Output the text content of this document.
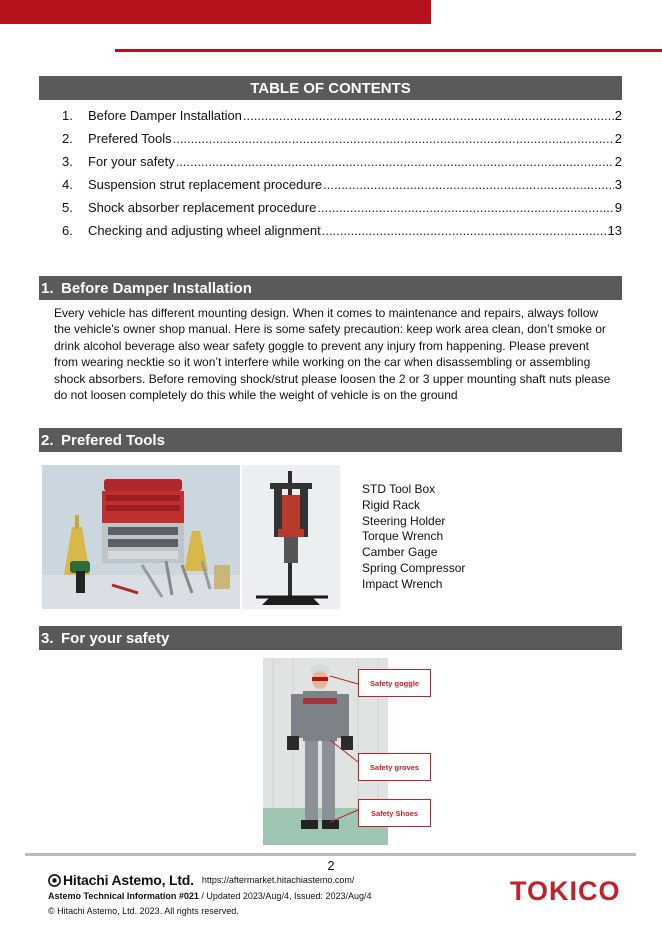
TABLE OF CONTENTS
1.	Before Damper Installation .....	2
2.	Prefered Tools .....	2
3.	For your safety .....	2
4.	Suspension strut replacement procedure .....	3
5.	Shock absorber replacement procedure .....	9
6.	Checking and adjusting wheel alignment .....	13
1. Before Damper Installation

Every vehicle has different mounting design. When it comes to maintenance and repairs, always follow the vehicle's owner shop manual. Here is some safety precaution: keep work area clean, don’t smoke or drink alcohol beverage also wear safety goggle to prevent any injury from happening. Please prevent from wearing necktie so it won’t interfere while working on the car when disassembling or assembling shock absorbers. Before removing shock/strut please loosen the 2 or 3 upper mounting shaft nuts please do not loosen completely do this while the weight of vehicle is on the ground

2. Prefered Tools
STD Tool Box
Rigid Rack
Steering Holder
Torque Wrench
Camber Gage
Spring Compressor
Impact Wrench
3. For your safety
Safety goggle
Safety groves
Safety Shoes
2
Hitachi Astemo, Ltd. https://aftermarket.hitachiastemo.com/
Astemo Technical Information #021 / Updated 2023/Aug/4, Issued: 2023/Aug/4
© Hitachi Astemo, Ltd. 2023. All rights reserved.
TOKICO
